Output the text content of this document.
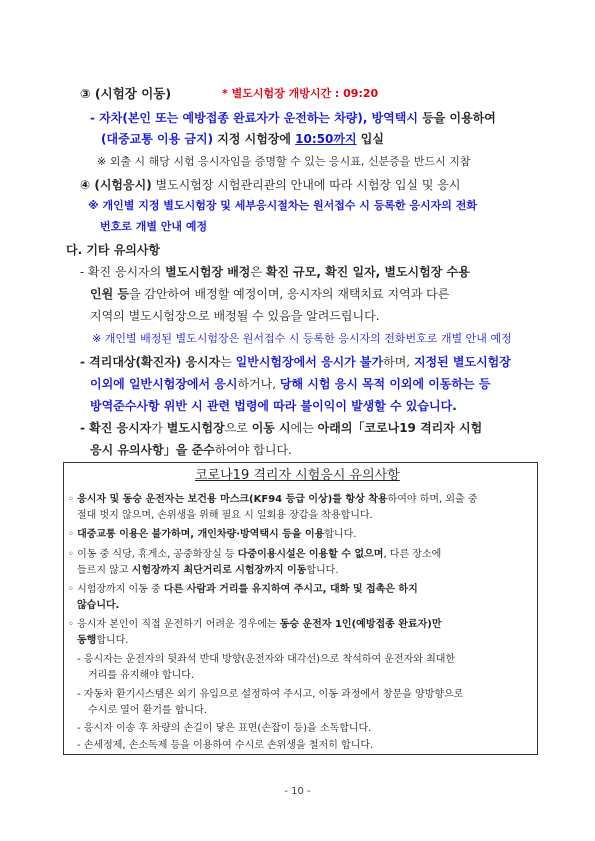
③ (시험장 이동)	* 별도시험장 개방시간 : 09:20
- 자차(본인 또는 예방접종 완료자가 운전하는 차량), 방역택시 등을 이용하여
(대중교통 이용 금지) 지정 시험장에 10:50까지 입실
※ 외출 시 해당 시험 응시자임을 증명할 수 있는 응시표, 신분증을 반드시 지참
④ (시험응시) 별도시험장 시험관리관의 안내에 따라 시험장 입실 및 응시
※ 개인별 지정 별도시험장 및 세부응시절차는 원서접수 시 등록한 응시자의 전화
번호로 개별 안내 예정
다. 기타 유의사항
- 확진 응시자의 별도시험장 배정은 확진 규모, 확진 일자, 별도시험장 수용
인원 등을 감안하여 배정할 예정이며, 응시자의 재택치료 지역과 다른
지역의 별도시험장으로 배정될 수 있음을 알려드립니다.
※ 개인별 배정된 별도시험장은 원서접수 시 등록한 응시자의 전화번호로 개별 안내 예정
- 격리대상(확진자) 응시자는 일반시험장에서 응시가 불가하며, 지정된 별도시험장
이외에 일반시험장에서 응시하거나, 당해 시험 응시 목적 이외에 이동하는 등
방역준수사항 위반 시 관련 법령에 따라 불이익이 발생할 수 있습니다.
- 확진 응시자가 별도시험장으로 이동 시에는 아래의「코로나19 격리자 시험
응시 유의사항」을 준수하여야 합니다.
코로나19 격리자 시험응시 유의사항
◦ 응시자 및 동승 운전자는 보건용 마스크(KF94 등급 이상)를 항상 착용하여야 하며, 외출 중
절대 벗지 않으며, 손위생을 위해 필요 시 일회용 장갑을 착용합니다.
◦ 대중교통 이용은 불가하며, 개인차량·방역택시 등을 이용합니다.
◦ 이동 중 식당, 휴게소, 공중화장실 등 다중이용시설은 이용할 수 없으며, 다른 장소에
들르지 않고 시험장까지 최단거리로 시험장까지 이동합니다.
◦ 시험장까지 이동 중 다른 사람과 거리를 유지하여 주시고, 대화 및 접촉은 하지
않습니다.
◦ 응시자 본인이 직접 운전하기 어려운 경우에는 동승 운전자 1인(예방접종 완료자)만
동행합니다.
- 응시자는 운전자의 뒷좌석 반대 방향(운전자와 대각선)으로 착석하여 운전자와 최대한
거리를 유지해야 합니다.
- 자동차 환기시스템은 외기 유입으로 설정하여 주시고, 이동 과정에서 창문을 양방향으로
수시로 열어 환기를 합니다.
- 응시자 이송 후 차량의 손길이 닿은 표면(손잡이 등)을 소독합니다.
- 손세정제, 손소독제 등을 이용하여 수시로 손위생을 철저히 합니다.
- 10 -
